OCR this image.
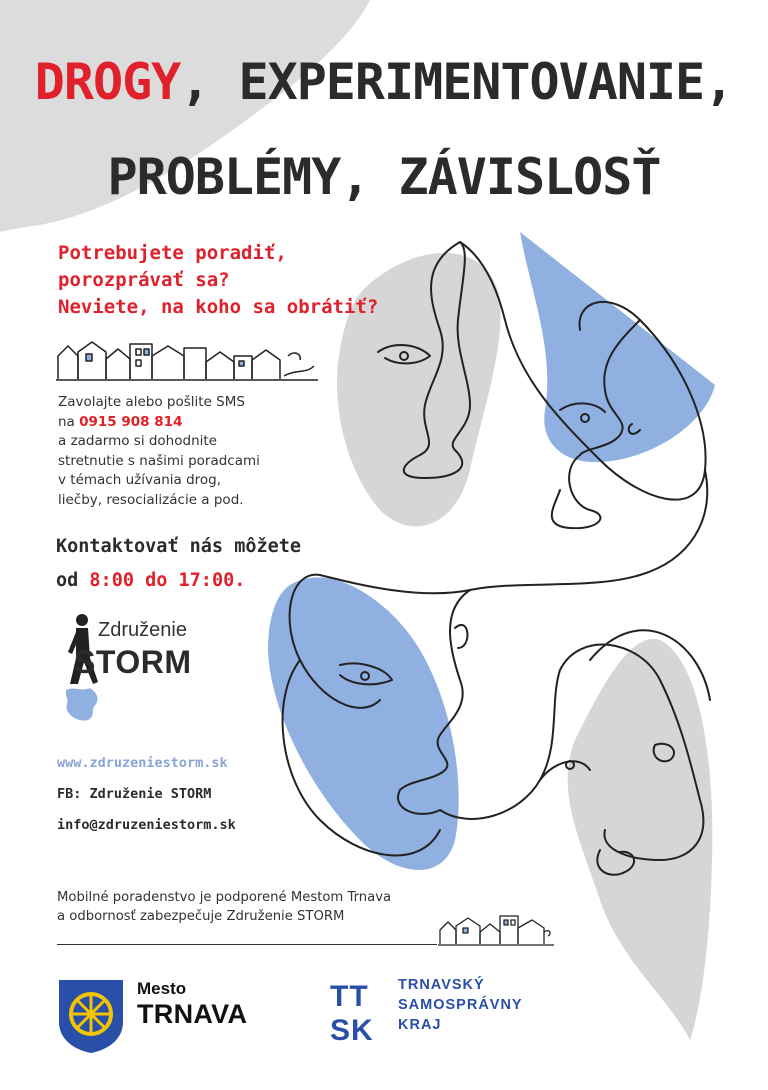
DROGY, EXPERIMENTOVANIE,
PROBLÉMY, ZÁVISLOSŤ
Potrebujete poradiť,
porozprávať sa?
Neviete, na koho sa obrátiť?
Zavolajte alebo pošlite SMS
na 0915 908 814
a zadarmo si dohodnite
stretnutie s našimi poradcami
v témach užívania drog,
liečby, resocializácie a pod.
Kontaktovať nás môžete
od 8:00 do 17:00.
Združenie
STORM
www.zdruzeniestorm.sk
FB: Združenie STORM
info@zdruzeniestorm.sk
Mobilné poradenstvo je podporené Mestom Trnava
a odbornosť zabezpečuje Združenie STORM
Mesto
TRNAVA
TT
SK
TRNAVSKÝ
SAMOSPRÁVNY
KRAJ
